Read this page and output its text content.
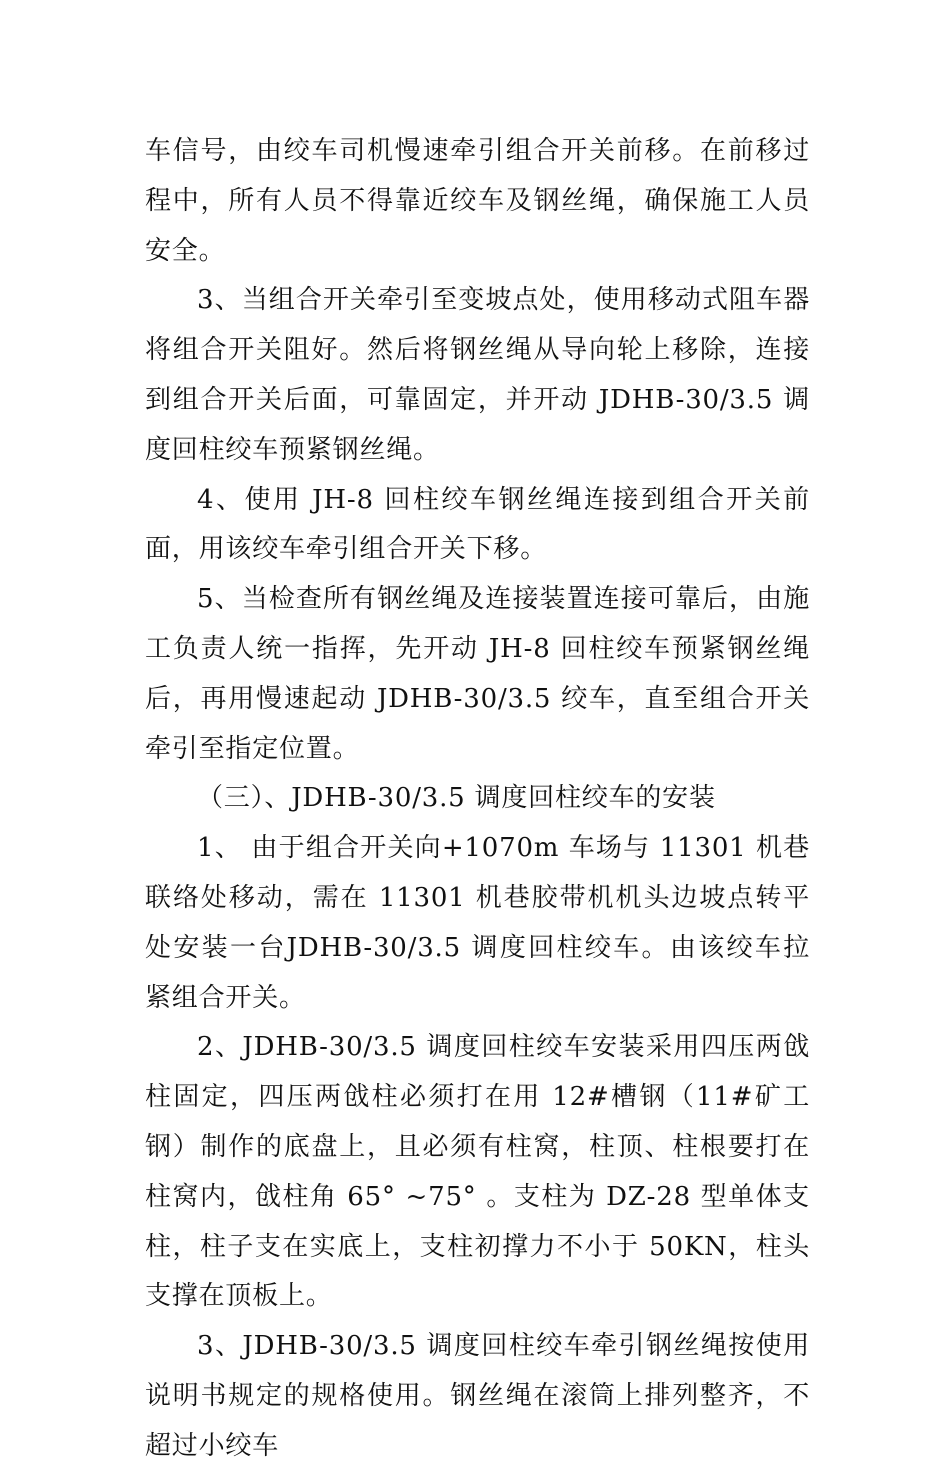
车信号，由绞车司机慢速牵引组合开关前移。在前移过程中，所有人员不得靠近绞车及钢丝绳，确保施工人员安全。

3、当组合开关牵引至变坡点处，使用移动式阻车器将组合开关阻好。然后将钢丝绳从导向轮上移除，连接到组合开关后面，可靠固定，并开动 JDHB-30/3.5 调度回柱绞车预紧钢丝绳。

4、使用 JH-8 回柱绞车钢丝绳连接到组合开关前面，用该绞车牵引组合开关下移。

5、当检查所有钢丝绳及连接装置连接可靠后，由施工负责人统一指挥，先开动 JH-8 回柱绞车预紧钢丝绳后，再用慢速起动 JDHB-30/3.5 绞车，直至组合开关牵引至指定位置。

（三）、JDHB-30/3.5 调度回柱绞车的安装

1、 由于组合开关向+1070m 车场与 11301 机巷联络处移动，需在 11301 机巷胶带机机头边坡点转平处安装一台JDHB-30/3.5 调度回柱绞车。由该绞车拉紧组合开关。

2、JDHB-30/3.5 调度回柱绞车安装采用四压两戗柱固定，四压两戗柱必须打在用 12#槽钢（11#矿工钢）制作的底盘上，且必须有柱窝，柱顶、柱根要打在柱窝内，戗柱角 65° ~75° 。支柱为 DZ-28 型单体支柱，柱子支在实底上，支柱初撑力不小于 50KN，柱头支撑在顶板上。

3、JDHB-30/3.5 调度回柱绞车牵引钢丝绳按使用说明书规定的规格使用。钢丝绳在滚筒上排列整齐，不超过小绞车
